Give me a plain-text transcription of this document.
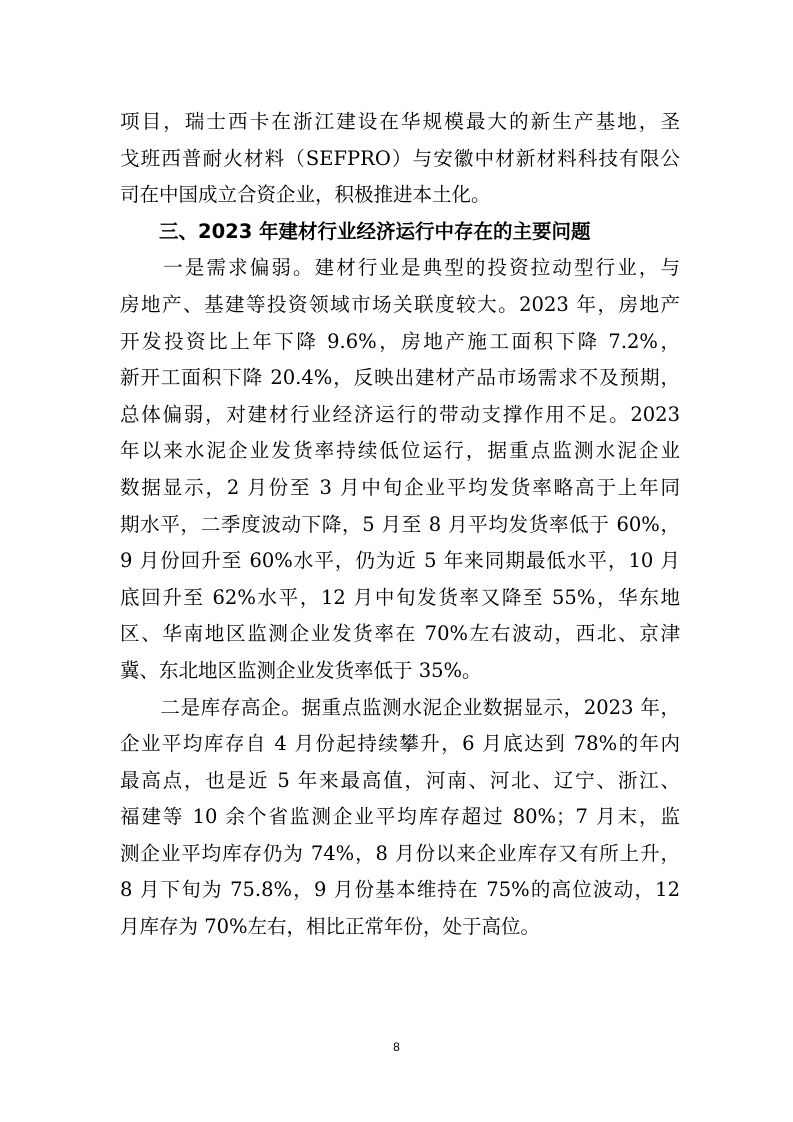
项目，瑞士西卡在浙江建设在华规模最大的新生产基地，圣
戈班西普耐火材料（SEFPRO）与安徽中材新材料科技有限公
司在中国成立合资企业，积极推进本土化。
　　三、2023 年建材行业经济运行中存在的主要问题
　　一是需求偏弱。建材行业是典型的投资拉动型行业，与
房地产、基建等投资领域市场关联度较大。2023 年，房地产
开发投资比上年下降 9.6%，房地产施工面积下降 7.2%，
新开工面积下降 20.4%，反映出建材产品市场需求不及预期，
总体偏弱，对建材行业经济运行的带动支撑作用不足。2023
年以来水泥企业发货率持续低位运行，据重点监测水泥企业
数据显示，2 月份至 3 月中旬企业平均发货率略高于上年同
期水平，二季度波动下降，5 月至 8 月平均发货率低于 60%，
9 月份回升至 60%水平，仍为近 5 年来同期最低水平，10 月
底回升至 62%水平，12 月中旬发货率又降至 55%，华东地
区、华南地区监测企业发货率在 70%左右波动，西北、京津
冀、东北地区监测企业发货率低于 35%。
　　二是库存高企。据重点监测水泥企业数据显示，2023 年，
企业平均库存自 4 月份起持续攀升，6 月底达到 78%的年内
最高点，也是近 5 年来最高值，河南、河北、辽宁、浙江、
福建等 10 余个省监测企业平均库存超过 80%；7 月末，监
测企业平均库存仍为 74%，8 月份以来企业库存又有所上升，
8 月下旬为 75.8%，9 月份基本维持在 75%的高位波动，12
月库存为 70%左右，相比正常年份，处于高位。
8
